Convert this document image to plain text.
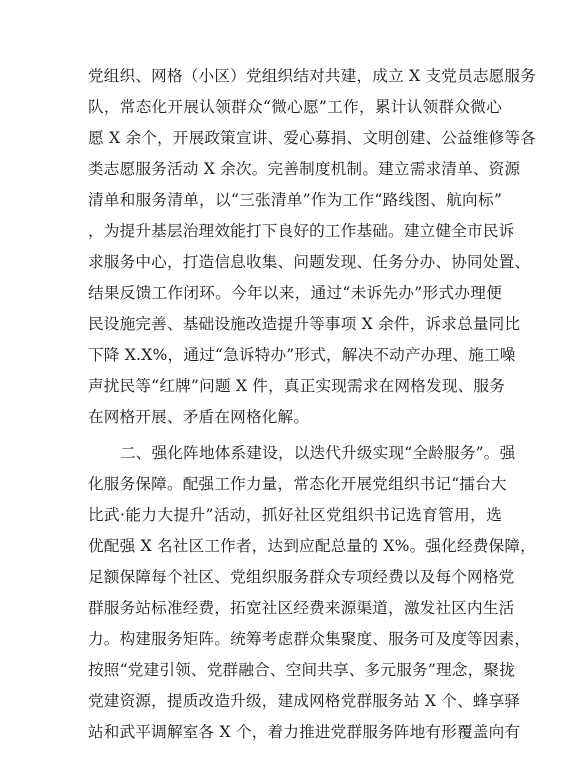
党组织、网格（小区）党组织结对共建，成立 X 支党员志愿服务
队，常态化开展认领群众“微心愿”工作，累计认领群众微心
愿 X 余个，开展政策宣讲、爱心募捐、文明创建、公益维修等各
类志愿服务活动 X 余次。完善制度机制。建立需求清单、资源
清单和服务清单，以“三张清单”作为工作“路线图、航向标”
，为提升基层治理效能打下良好的工作基础。建立健全市民诉
求服务中心，打造信息收集、问题发现、任务分办、协同处置、
结果反馈工作闭环。今年以来，通过“未诉先办”形式办理便
民设施完善、基础设施改造提升等事项 X 余件，诉求总量同比
下降 X.X%，通过“急诉特办”形式，解决不动产办理、施工噪
声扰民等“红牌”问题 X 件，真正实现需求在网格发现、服务
在网格开展、矛盾在网格化解。
二、强化阵地体系建设，以迭代升级实现“全龄服务”。强
化服务保障。配强工作力量，常态化开展党组织书记“擂台大
比武·能力大提升”活动，抓好社区党组织书记选育管用，选
优配强 X 名社区工作者，达到应配总量的 X%。强化经费保障，
足额保障每个社区、党组织服务群众专项经费以及每个网格党
群服务站标准经费，拓宽社区经费来源渠道，激发社区内生活
力。构建服务矩阵。统筹考虑群众集聚度、服务可及度等因素，
按照“党建引领、党群融合、空间共享、多元服务”理念，聚拢
党建资源，提质改造升级，建成网格党群服务站 X 个、蜂享驿
站和武平调解室各 X 个，着力推进党群服务阵地有形覆盖向有
